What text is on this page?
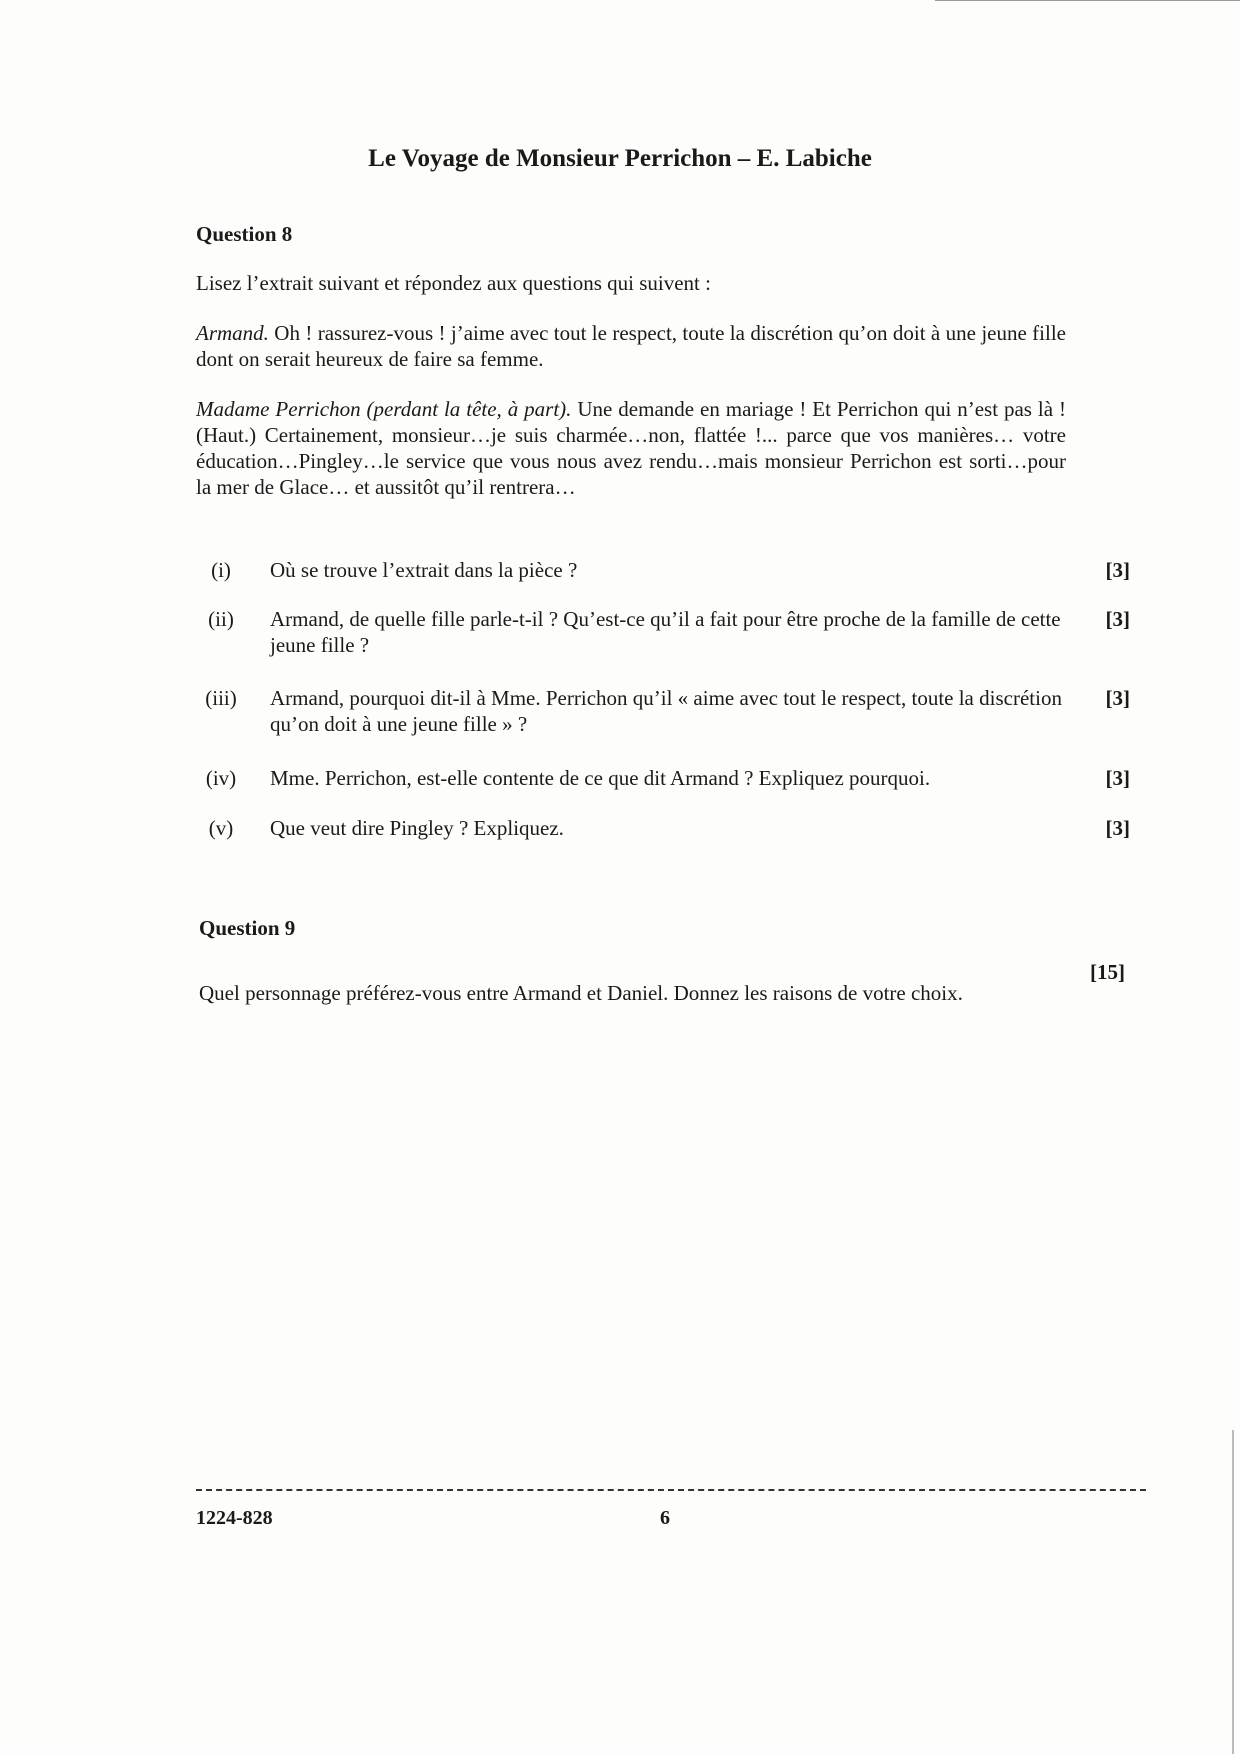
Le Voyage de Monsieur Perrichon – E. Labiche
Question 8

Lisez l’extrait suivant et répondez aux questions qui suivent :

Armand. Oh ! rassurez-vous ! j’aime avec tout le respect, toute la discrétion qu’on doit à une jeune fille dont on serait heureux de faire sa femme.

Madame Perrichon (perdant la tête, à part). Une demande en mariage ! Et Perrichon qui n’est pas là ! (Haut.) Certainement, monsieur…je suis charmée…non, flattée !... parce que vos manières… votre éducation…Pingley…le service que vous nous avez rendu…mais monsieur Perrichon est sorti…pour la mer de Glace… et aussitôt qu’il rentrera…

(i)	Où se trouve l’extrait dans la pièce ?	[3]
(ii)	Armand, de quelle fille parle-t-il ? Qu’est-ce qu’il a fait pour être proche de la famille de cette jeune fille ?
[3]
(iii)	Armand, pourquoi dit-il à Mme. Perrichon qu’il « aime avec tout le respect, toute la discrétion qu’on doit à une jeune fille » ?
[3]
(iv)	Mme. Perrichon, est-elle contente de ce que dit Armand ? Expliquez pourquoi.	[3]
(v)	Que veut dire Pingley ? Expliquez.	[3]
Question 9

Quel personnage préférez-vous entre Armand et Daniel. Donnez les raisons de votre choix.

[15]
1224-828	6
